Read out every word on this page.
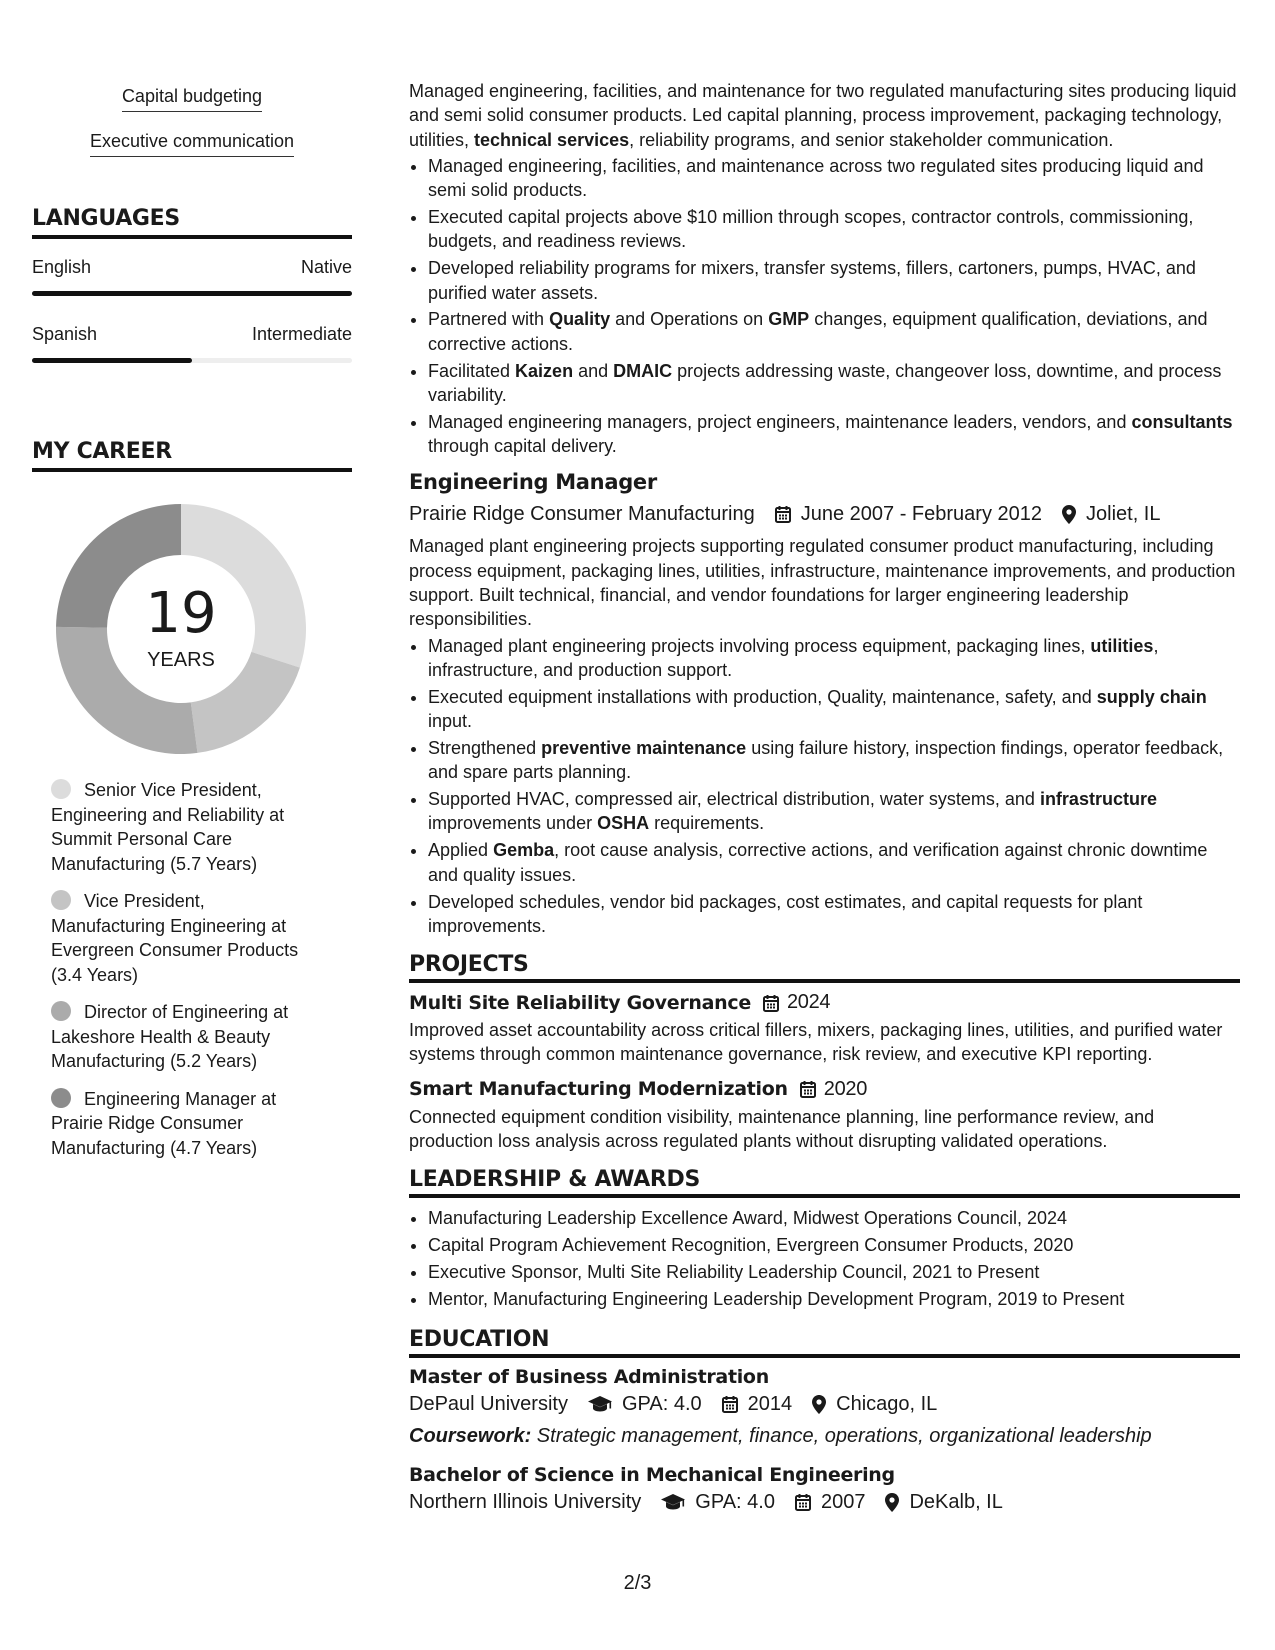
Capital budgeting
Executive communication
LANGUAGES
English	Native
Spanish	Intermediate
MY CAREER
19
YEARS
Senior Vice President, Engineering and Reliability at Summit Personal Care Manufacturing (5.7 Years)
Vice President, Manufacturing Engineering at Evergreen Consumer Products (3.4 Years)
Director of Engineering at Lakeshore Health & Beauty Manufacturing (5.2 Years)
Engineering Manager at Prairie Ridge Consumer Manufacturing (4.7 Years)

Managed engineering, facilities, and maintenance for two regulated manufacturing sites producing liquid and semi solid consumer products. Led capital planning, process improvement, packaging technology, utilities, technical services, reliability programs, and senior stakeholder communication.

• Managed engineering, facilities, and maintenance across two regulated sites producing liquid and semi solid products.
• Executed capital projects above $10 million through scopes, contractor controls, commissioning, budgets, and readiness reviews.
• Developed reliability programs for mixers, transfer systems, fillers, cartoners, pumps, HVAC, and purified water assets.
• Partnered with Quality and Operations on GMP changes, equipment qualification, deviations, and corrective actions.
• Facilitated Kaizen and DMAIC projects addressing waste, changeover loss, downtime, and process variability.
• Managed engineering managers, project engineers, maintenance leaders, vendors, and consultants through capital delivery.
Engineering Manager
Prairie Ridge Consumer Manufacturing June 2007 - February 2012 Joliet, IL

Managed plant engineering projects supporting regulated consumer product manufacturing, including process equipment, packaging lines, utilities, infrastructure, maintenance improvements, and production support. Built technical, financial, and vendor foundations for larger engineering leadership responsibilities.

• Managed plant engineering projects involving process equipment, packaging lines, utilities, infrastructure, and production support.
• Executed equipment installations with production, Quality, maintenance, safety, and supply chain input.
• Strengthened preventive maintenance using failure history, inspection findings, operator feedback, and spare parts planning.
• Supported HVAC, compressed air, electrical distribution, water systems, and infrastructure improvements under OSHA requirements.
• Applied Gemba, root cause analysis, corrective actions, and verification against chronic downtime and quality issues.
• Developed schedules, vendor bid packages, cost estimates, and capital requests for plant improvements.
PROJECTS
Multi Site Reliability Governance 2024

Improved asset accountability across critical fillers, mixers, packaging lines, utilities, and purified water systems through common maintenance governance, risk review, and executive KPI reporting.

Smart Manufacturing Modernization 2020

Connected equipment condition visibility, maintenance planning, line performance review, and production loss analysis across regulated plants without disrupting validated operations.

LEADERSHIP & AWARDS
• Manufacturing Leadership Excellence Award, Midwest Operations Council, 2024
• Capital Program Achievement Recognition, Evergreen Consumer Products, 2020
• Executive Sponsor, Multi Site Reliability Leadership Council, 2021 to Present
• Mentor, Manufacturing Engineering Leadership Development Program, 2019 to Present
EDUCATION
Master of Business Administration
DePaul University	GPA: 4.0 2014 Chicago, IL
Coursework: Strategic management, finance, operations, organizational leadership
Bachelor of Science in Mechanical Engineering
Northern Illinois University	GPA: 4.0 2007 DeKalb, IL
2/3
